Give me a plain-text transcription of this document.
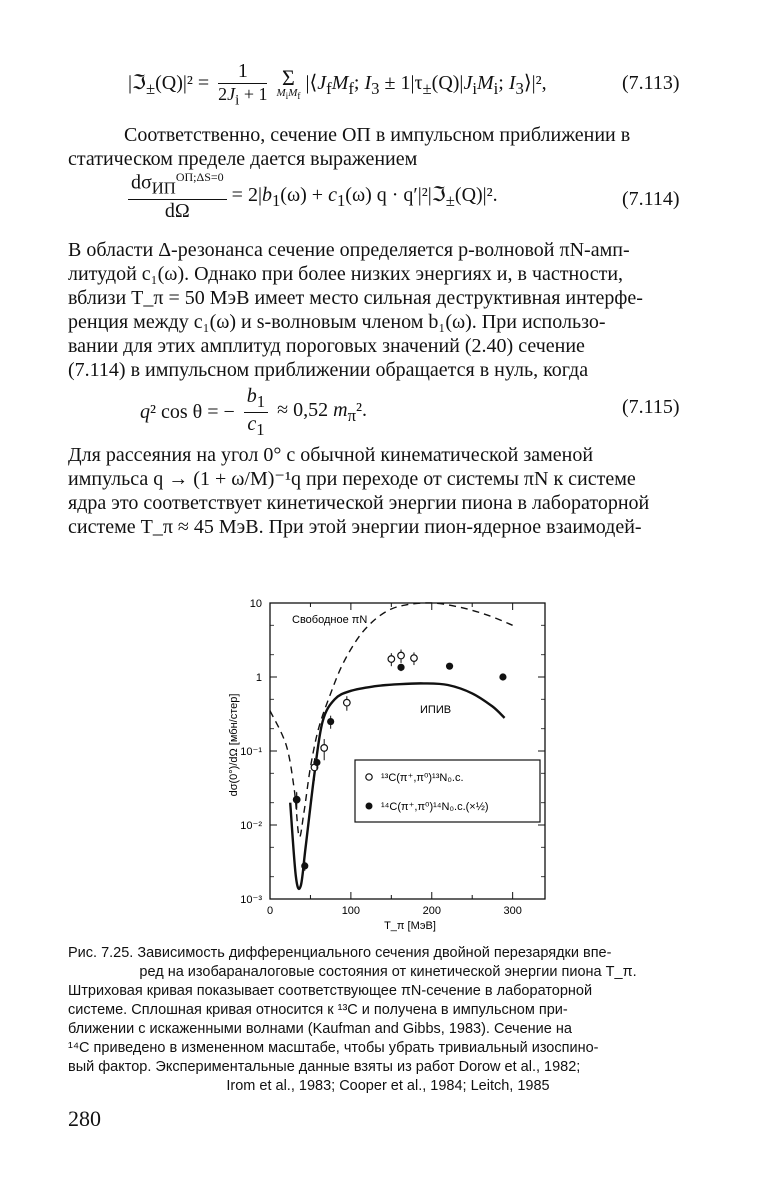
|ℑ$_\pm$(Q)|² = $\frac{1}{2J_i + 1}$
Σ
$M_iM_f$
$|⟨J_fM_f$; $I_3 \pm 1|\tau_\pm(Q)|J_iM_i$; $I_3⟩|^2$,	(7.113)
Соответственно, сечение ОП в импульсном приближении в
статическом пределе дается выражением
$d\sigma_{ИП}^{ОП;\Delta S=0}$
dΩ
= $2|b_1(\omega) + c_1(\omega) q$ · q′|²|ℑ$_\pm$(Q)|².	(7.114)
В области Δ-резонанса сечение определяется p-волновой πN-амп-
литудой c₁(ω). Однако при более низких энергиях и, в частности,
вблизи T_π = 50 МэВ имеет место сильная деструктивная интерфе-
ренция между c₁(ω) и s-волновым членом b₁(ω). При использо-
вании для этих амплитуд пороговых значений (2.40) сечение
(7.114) в импульсном приближении обращается в нуль, когда
q² cos θ = − $\frac{b_1}{c_1} \approx 0,52$ $m_\pi^2$.	(7.115)
Для рассеяния на угол 0° с обычной кинематической заменой
импульса q → (1 + ω/M)⁻¹q при переходе от системы πN к системе
ядра это соответствует кинетической энергии пиона в лабораторной
системе T_π ≈ 45 МэВ. При этой энергии пион-ядерное взаимодей-
10
1
10⁻¹
10⁻²
10⁻³
0	100	200	300
Свободное πN
ИПИВ
dσ(0°)/dΩ [мбн/стер]
T_π [МэВ]
¹³C(π⁺,π⁰)¹³N₀.c.
¹⁴C(π⁺,π⁰)¹⁴N₀.c.(×½)
Рис. 7.25. Зависимость дифференциального сечения двойной перезарядки впе-
ред на изобараналоговые состояния от кинетической энергии пиона T_π.
Штриховая кривая показывает соответствующее πN-сечение в лабораторной
системе. Сплошная кривая относится к ¹³C и получена в импульсном при-
ближении с искаженными волнами (Kaufman and Gibbs, 1983). Сечение на
¹⁴C приведено в измененном масштабе, чтобы убрать тривиальный изоспино-
вый фактор. Экспериментальные данные взяты из работ Dorow et al., 1982;
Irom et al., 1983; Cooper et al., 1984; Leitch, 1985
280
